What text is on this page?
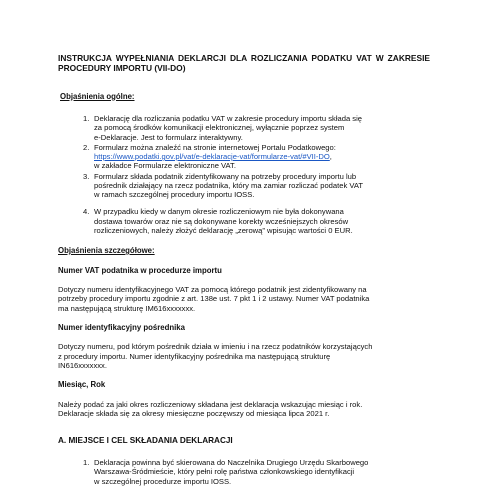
INSTRUKCJA WYPEŁNIANIA DEKLARCJI DLA ROZLICZANIA PODATKU VAT W ZAKRESIE PROCEDURY IMPORTU (VII-DO)
Objaśnienia ogólne:
1. Deklarację dla rozliczania podatku VAT w zakresie procedury importu składa się
za pomocą środków komunikacji elektronicznej, wyłącznie poprzez system
e-Deklaracje. Jest to formularz interaktywny.
2. Formularz można znaleźć na stronie internetowej Portalu Podatkowego:
https://www.podatki.gov.pl/vat/e-deklaracje-vat/formularze-vat/#VII-DO,
w zakładce Formularze elektroniczne VAT.
3. Formularz składa podatnik zidentyfikowany na potrzeby procedury importu lub
pośrednik działający na rzecz podatnika, który ma zamiar rozliczać podatek VAT
w ramach szczególnej procedury importu IOSS.
4. W przypadku kiedy w danym okresie rozliczeniowym nie była dokonywana
dostawa towarów oraz nie są dokonywane korekty wcześniejszych okresów
rozliczeniowych, należy złożyć deklarację „zerową” wpisując wartości 0 EUR.
Objaśnienia szczegółowe:
Numer VAT podatnika w procedurze importu

Dotyczy numeru identyfikacyjnego VAT za pomocą którego podatnik jest zidentyfikowany na
potrzeby procedury importu zgodnie z art. 138e ust. 7 pkt 1 i 2 ustawy. Numer VAT podatnika
ma następującą strukturę IM616xxxxxxx.

Numer identyfikacyjny pośrednika

Dotyczy numeru, pod którym pośrednik działa w imieniu i na rzecz podatników korzystających
z procedury importu. Numer identyfikacyjny pośrednika ma następującą strukturę
IN616xxxxxxx.

Miesiąc, Rok

Należy podać za jaki okres rozliczeniowy składana jest deklaracja wskazując miesiąc i rok.
Deklaracje składa się za okresy miesięczne poczęwszy od miesiąca lipca 2021 r.

A. MIEJSCE I CEL SKŁADANIA DEKLARACJI
1. Deklaracja powinna być skierowana do Naczelnika Drugiego Urzędu Skarbowego
Warszawa-Śródmieście, który pełni rolę państwa członkowskiego identyfikacji
w szczególnej procedurze importu IOSS.
